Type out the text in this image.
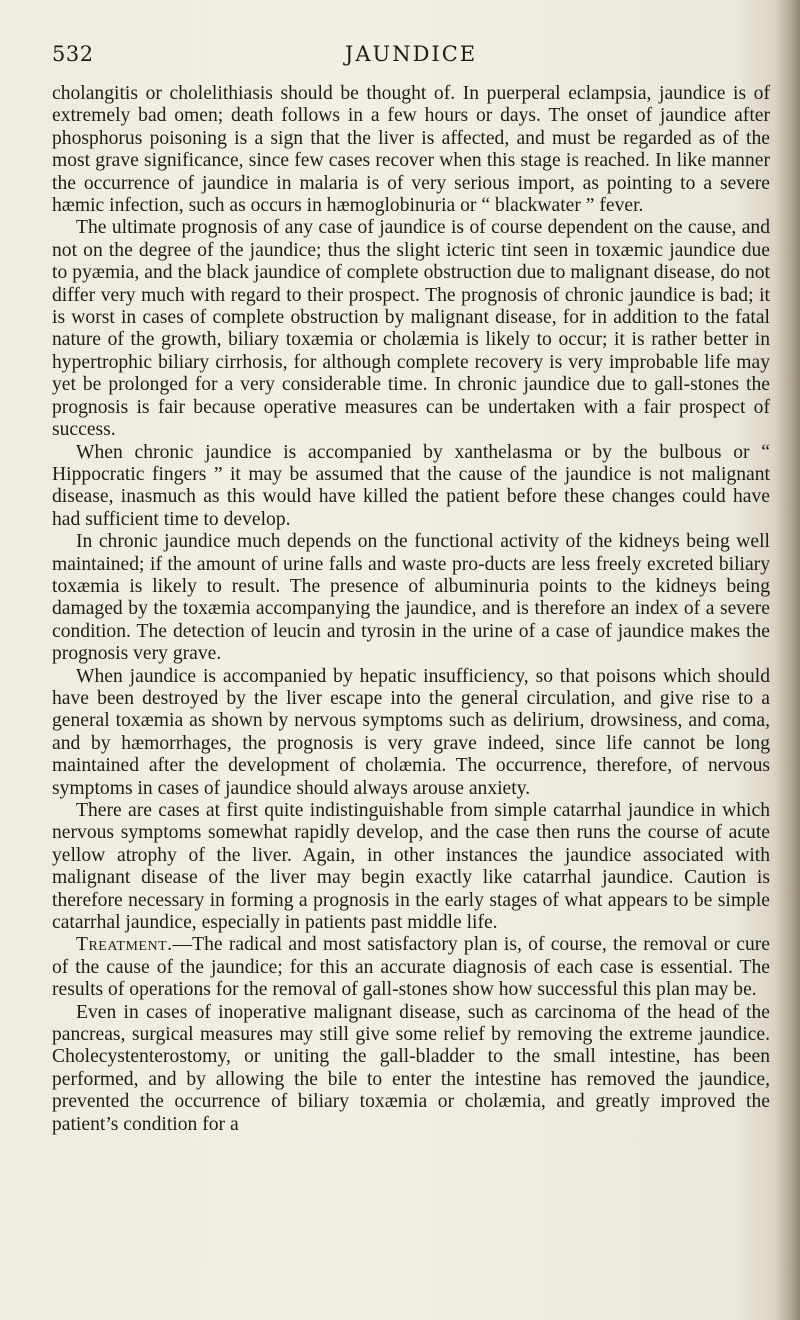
532	JAUNDICE

cholangitis or cholelithiasis should be thought of. In puerperal eclampsia, jaundice is of extremely bad omen; death follows in a few hours or days. The onset of jaundice after phosphorus poisoning is a sign that the liver is affected, and must be regarded as of the most grave significance, since few cases recover when this stage is reached. In like manner the occurrence of jaundice in malaria is of very serious import, as pointing to a severe hæmic infection, such as occurs in hæmoglobinuria or “ blackwater ” fever.

The ultimate prognosis of any case of jaundice is of course dependent on the cause, and not on the degree of the jaundice; thus the slight icteric tint seen in toxæmic jaundice due to pyæmia, and the black jaundice of complete obstruction due to malignant disease, do not differ very much with regard to their prospect. The prognosis of chronic jaundice is bad; it is worst in cases of complete obstruction by malignant disease, for in addition to the fatal nature of the growth, biliary toxæmia or cholæmia is likely to occur; it is rather better in hypertrophic biliary cirrhosis, for although complete recovery is very improbable life may yet be prolonged for a very considerable time. In chronic jaundice due to gall-stones the prognosis is fair because operative measures can be undertaken with a fair prospect of success.

When chronic jaundice is accompanied by xanthelasma or by the bulbous or “ Hippocratic fingers ” it may be assumed that the cause of the jaundice is not malignant disease, inasmuch as this would have killed the patient before these changes could have had sufficient time to develop.

In chronic jaundice much depends on the functional activity of the kidneys being well maintained; if the amount of urine falls and waste pro-ducts are less freely excreted biliary toxæmia is likely to result. The presence of albuminuria points to the kidneys being damaged by the toxæmia accompanying the jaundice, and is therefore an index of a severe condition. The detection of leucin and tyrosin in the urine of a case of jaundice makes the prognosis very grave.

When jaundice is accompanied by hepatic insufficiency, so that poisons which should have been destroyed by the liver escape into the general circulation, and give rise to a general toxæmia as shown by nervous symptoms such as delirium, drowsiness, and coma, and by hæmorrhages, the prognosis is very grave indeed, since life cannot be long maintained after the development of cholæmia. The occurrence, therefore, of nervous symptoms in cases of jaundice should always arouse anxiety.

There are cases at first quite indistinguishable from simple catarrhal jaundice in which nervous symptoms somewhat rapidly develop, and the case then runs the course of acute yellow atrophy of the liver. Again, in other instances the jaundice associated with malignant disease of the liver may begin exactly like catarrhal jaundice. Caution is therefore necessary in forming a prognosis in the early stages of what appears to be simple catarrhal jaundice, especially in patients past middle life.

Treatment.—The radical and most satisfactory plan is, of course, the removal or cure of the cause of the jaundice; for this an accurate diagnosis of each case is essential. The results of operations for the removal of gall-stones show how successful this plan may be.

Even in cases of inoperative malignant disease, such as carcinoma of the head of the pancreas, surgical measures may still give some relief by removing the extreme jaundice. Cholecystenterostomy, or uniting the gall-bladder to the small intestine, has been performed, and by allowing the bile to enter the intestine has removed the jaundice, prevented the occurrence of biliary toxæmia or cholæmia, and greatly improved the patient’s condition for a
